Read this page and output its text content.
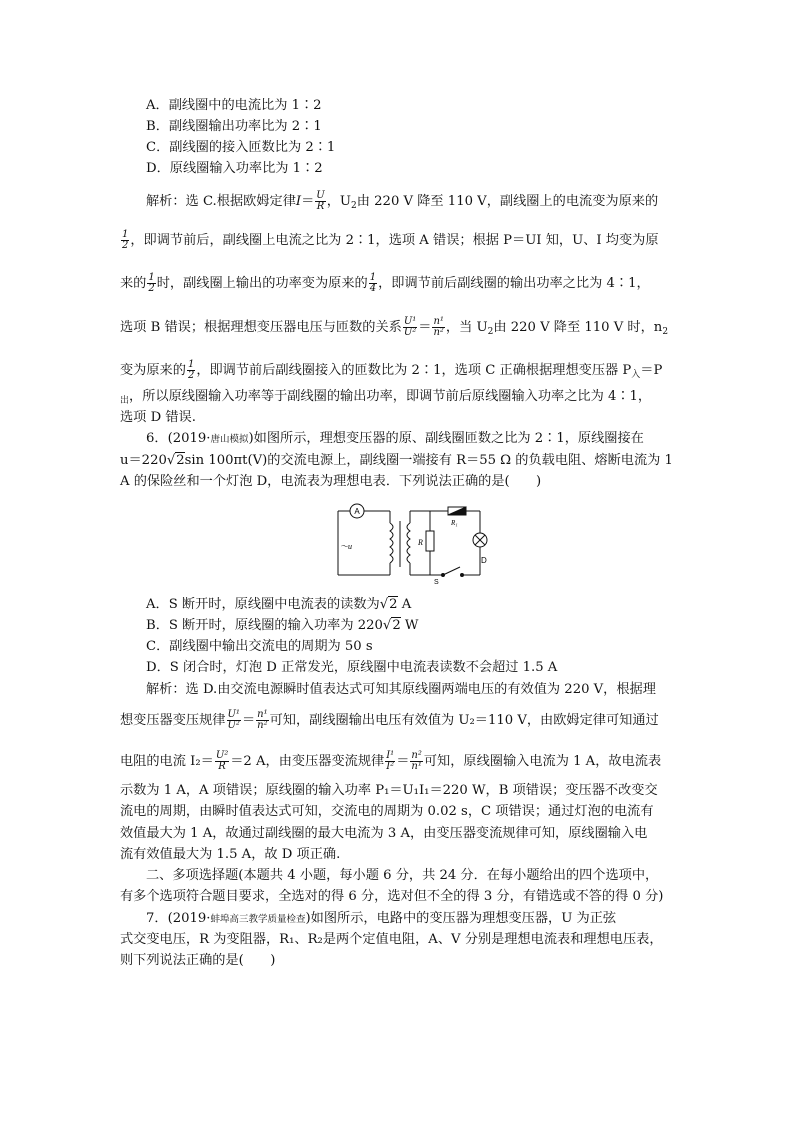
A．副线圈中的电流比为 1∶2
B．副线圈输出功率比为 2∶1
C．副线圈的接入匝数比为 2∶1
D．原线圈输入功率比为 1∶2
解析：选 C.根据欧姆定律$I= \frac{U}{R}$ ，$U_2$由 220 V 降至 110 V，副线圈上的电流变为原来的
$\frac{1}{2}$ ，即调节前后，副线圈上电流之比为 2∶1，选项 A 错误；根据 P＝UI 知，U、I 均变为原
来的 $\frac{1}{2}$ 时，副线圈上输出的功率变为原来的 $\frac{1}{4}$ ，即调节前后副线圈的输出功率之比为 4∶1，
选项 B 错误；根据理想变压器电压与匝数的关系 $\frac{\text{U¹}}{\text{U²}} = \frac{\text{n¹}}{\text{n²}}$ ，当 $U_2$由 220 V 降至 110 V 时，$n_2$
变为原来的 $\frac{1}{2}$ ，即调节前后副线圈接入的匝数比为 2∶1，选项 C 正确根据理想变压器 $P_入=P$
$_出$，所以原线圈输入功率等于副线圈的输出功率，即调节前后原线圈输入功率之比为 4∶1，
选项 D 错误.
6．(2019·唐山模拟)如图所示，理想变压器的原、副线圈匝数之比为 2∶1，原线圈接在
u＝220√2sin 100πt(V)的交流电源上，副线圈一端接有 R＝55 Ω 的负载电阻、熔断电流为 1
A 的保险丝和一个灯泡 D，电流表为理想电表．下列说法正确的是(　　)
A
～u	R
R₁
D
S
A．S 断开时，原线圈中电流表的读数为√2 A
B．S 断开时，原线圈的输入功率为 220√2 W
C．副线圈中输出交流电的周期为 50 s
D．S 闭合时，灯泡 D 正常发光，原线圈中电流表读数不会超过 1.5 A
解析：选 D.由交流电源瞬时值表达式可知其原线圈两端电压的有效值为 220 V，根据理
想变压器变压规律 $\frac{\text{U¹}}{\text{U²}} = \frac{\text{n¹}}{\text{n²}}$ 可知，副线圈输出电压有效值为 U₂＝110 V，由欧姆定律可知通过
电阻的电流 $I_2= \frac{\text{U²}}{R} =2$ A，由变压器变流规律 $\frac{\text{I¹}}{\text{I²}} = \frac{\text{n²}}{\text{n¹}}$ 可知，原线圈输入电流为 1 A，故电流表
示数为 1 A，A 项错误；原线圈的输入功率 P₁＝U₁I₁＝220 W，B 项错误；变压器不改变交
流电的周期，由瞬时值表达式可知，交流电的周期为 0.02 s，C 项错误；通过灯泡的电流有
效值最大为 1 A，故通过副线圈的最大电流为 3 A，由变压器变流规律可知，原线圈输入电
流有效值最大为 1.5 A，故 D 项正确.
二、多项选择题(本题共 4 小题，每小题 6 分，共 24 分．在每小题给出的四个选项中，
有多个选项符合题目要求，全选对的得 6 分，选对但不全的得 3 分，有错选或不答的得 0 分)
7．(2019·蚌埠高三教学质量检查)如图所示，电路中的变压器为理想变压器，U 为正弦
式交变电压，R 为变阻器，R₁、R₂是两个定值电阻，A、V 分别是理想电流表和理想电压表，
则下列说法正确的是(　　)
